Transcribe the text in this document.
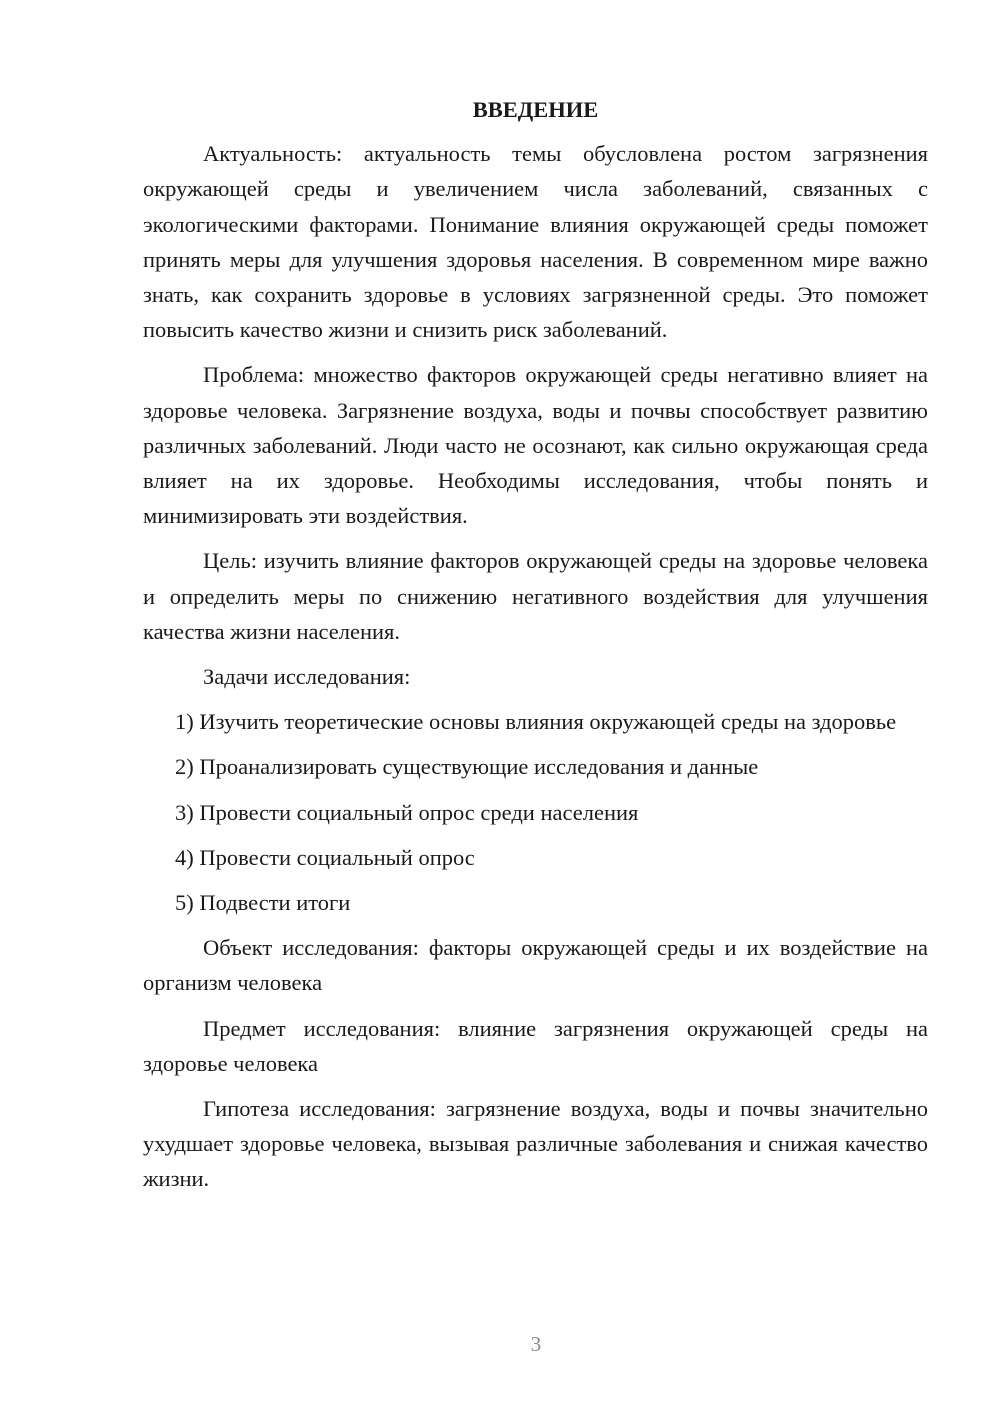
ВВЕДЕНИЕ

Актуальность: актуальность темы обусловлена ростом загрязнения окружающей среды и увеличением числа заболеваний, связанных с экологическими факторами. Понимание влияния окружающей среды поможет принять меры для улучшения здоровья населения. В современном мире важно знать, как сохранить здоровье в условиях загрязненной среды. Это поможет повысить качество жизни и снизить риск заболеваний.

Проблема: множество факторов окружающей среды негативно влияет на здоровье человека. Загрязнение воздуха, воды и почвы способствует развитию различных заболеваний. Люди часто не осознают, как сильно окружающая среда влияет на их здоровье. Необходимы исследования, чтобы понять и минимизировать эти воздействия.

Цель: изучить влияние факторов окружающей среды на здоровье человека и определить меры по снижению негативного воздействия для улучшения качества жизни населения.

Задачи исследования:

1) Изучить теоретические основы влияния окружающей среды на здоровье

2) Проанализировать существующие исследования и данные

3) Провести социальный опрос среди населения

4) Провести социальный опрос

5) Подвести итоги

Объект исследования: факторы окружающей среды и их воздействие на организм человека

Предмет исследования: влияние загрязнения окружающей среды на здоровье человека

Гипотеза исследования: загрязнение воздуха, воды и почвы значительно ухудшает здоровье человека, вызывая различные заболевания и снижая качество жизни.

3
